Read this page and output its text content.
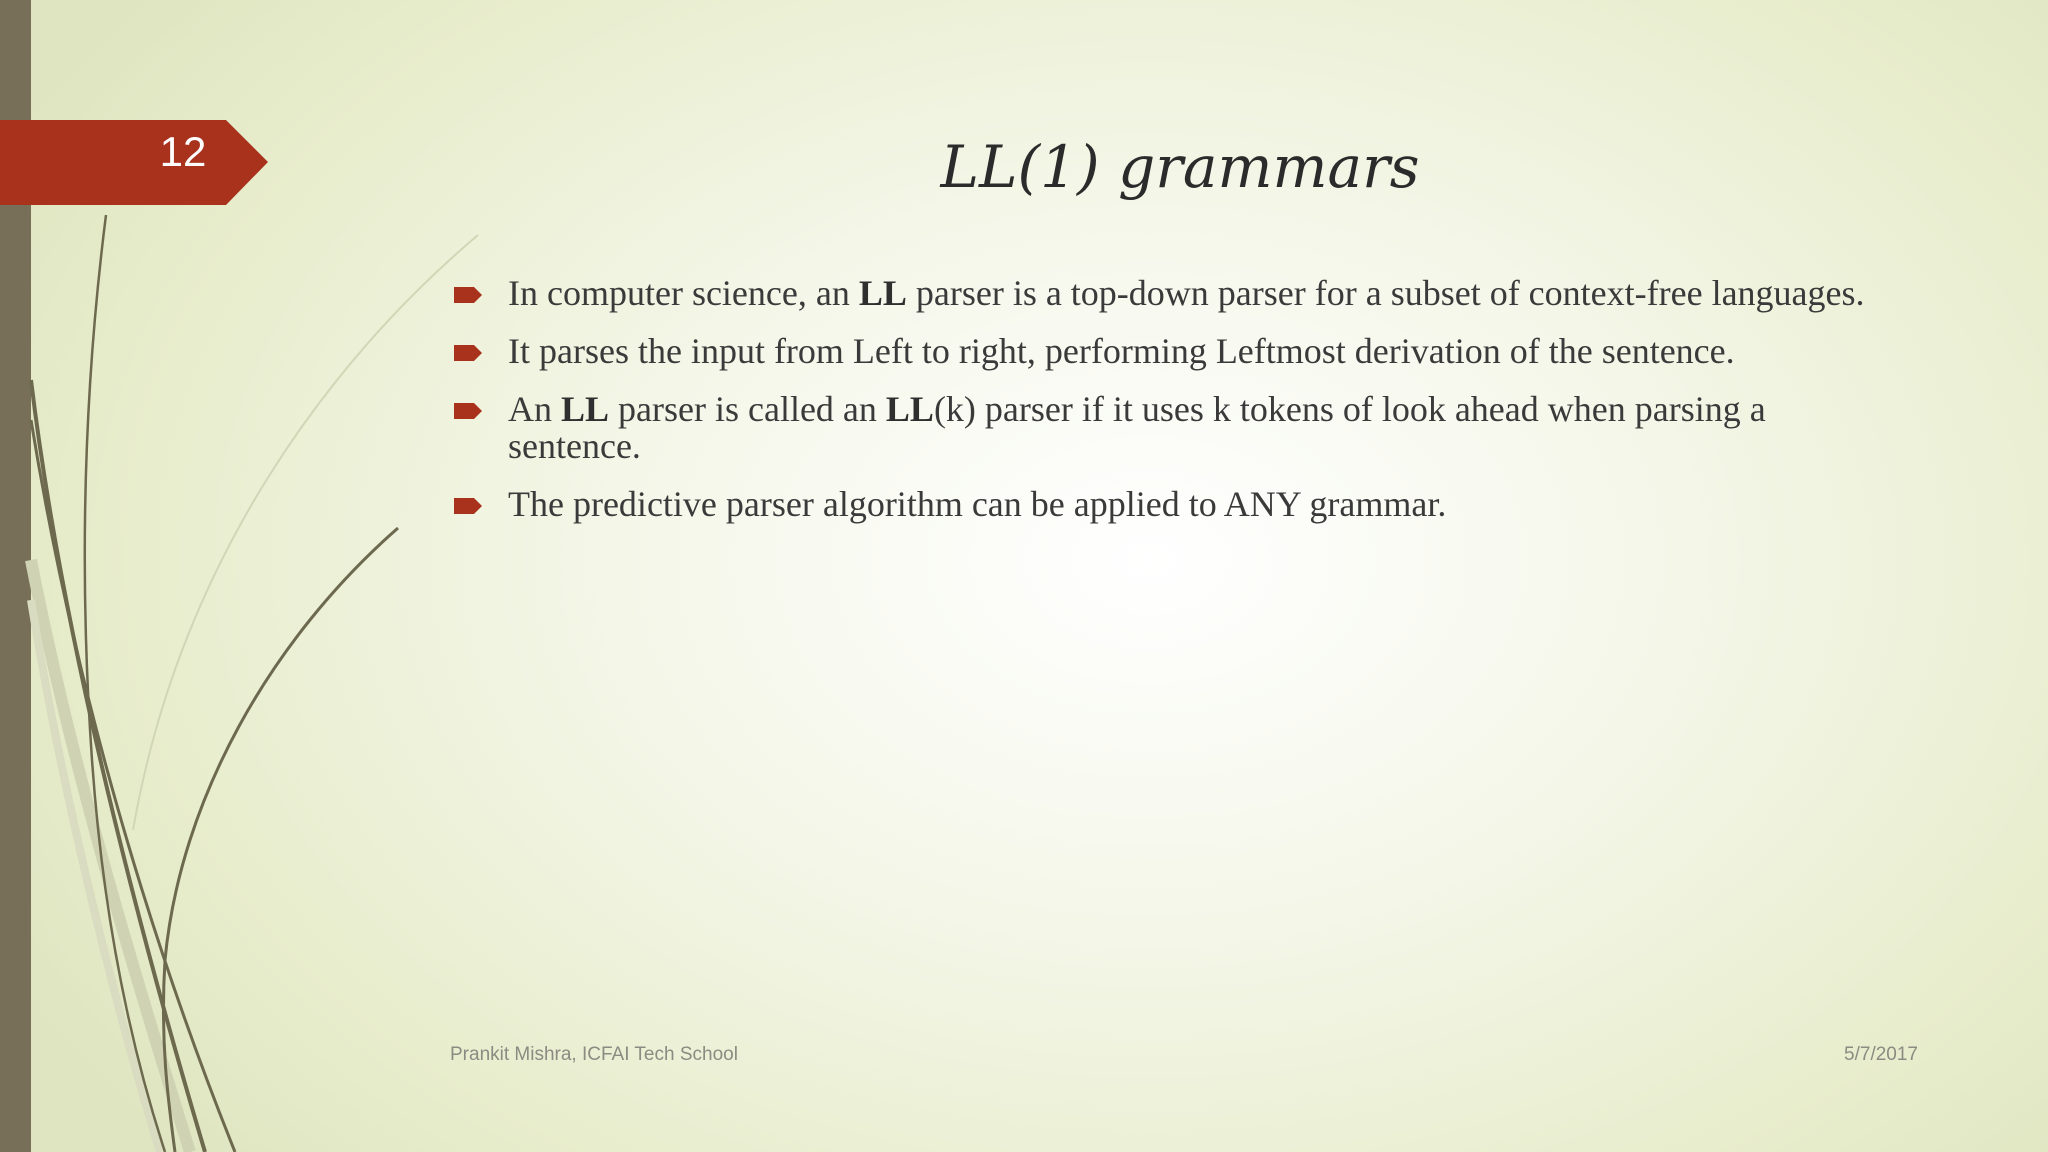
12	LL(1) grammars
In computer science, an LL parser is a top-down parser for a subset of context-free languages.
It parses the input from Left to right, performing Leftmost derivation of the sentence.
An LL parser is called an LL(k) parser if it uses k tokens of look ahead when parsing a sentence.
The predictive parser algorithm can be applied to ANY grammar.
Prankit Mishra, ICFAI Tech School	5/7/2017
